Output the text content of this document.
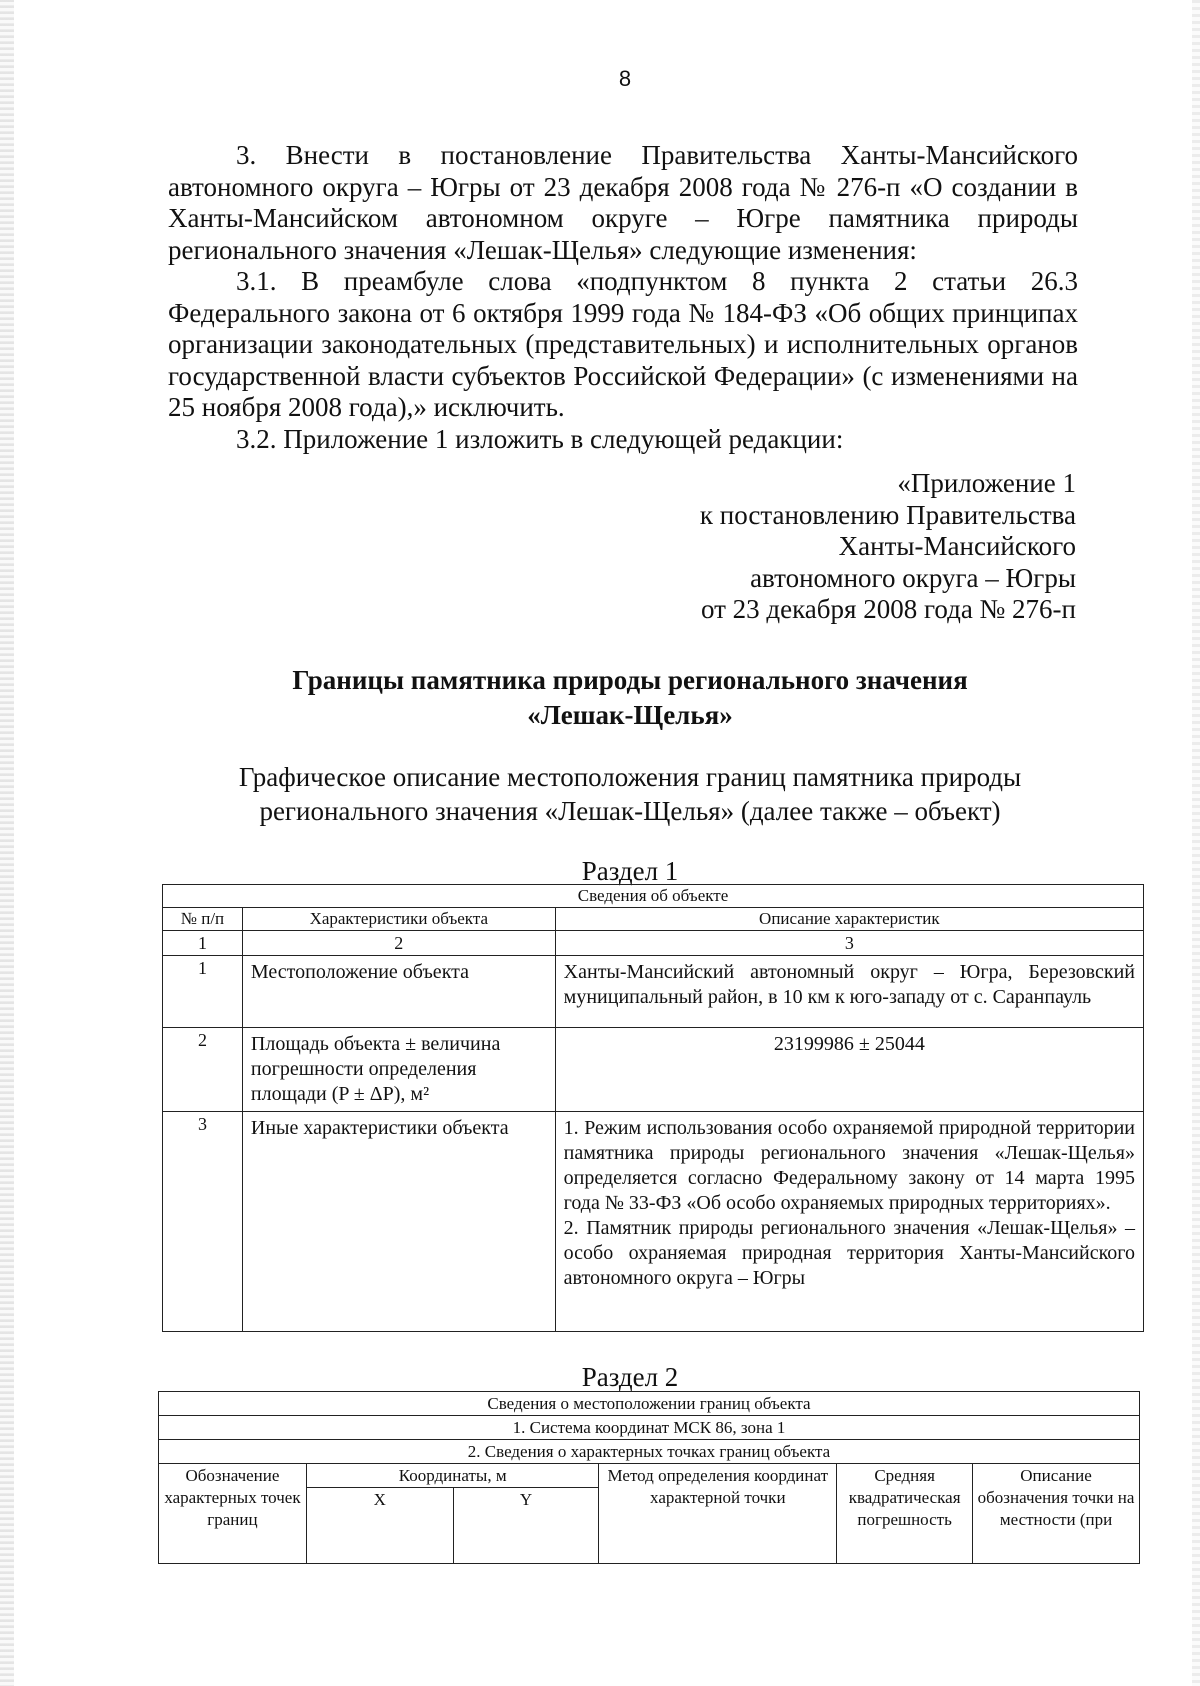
8

3. Внести в постановление Правительства Ханты-Мансийского автономного округа – Югры от 23 декабря 2008 года № 276-п «О создании в Ханты-Мансийском автономном округе – Югре памятника природы регионального значения «Лешак-Щелья» следующие изменения:

3.1. В преамбуле слова «подпунктом 8 пункта 2 статьи 26.3 Федерального закона от 6 октября 1999 года № 184-ФЗ «Об общих принципах организации законодательных (представительных) и исполнительных органов государственной власти субъектов Российской Федерации» (с изменениями на 25 ноября 2008 года),» исключить.

3.2. Приложение 1 изложить в следующей редакции:

«Приложение 1
к постановлению Правительства
Ханты-Мансийского
автономного округа – Югры
от 23 декабря 2008 года № 276-п
Границы памятника природы регионального значения
«Лешак-Щелья»
Графическое описание местоположения границ памятника природы
регионального значения «Лешак-Щелья» (далее также – объект)
Раздел 1
Сведения об объекте		
№ п/п	Характеристики объекта	Описание характеристик
1	2	3
1	Местоположение объекта	Ханты-Мансийский автономный округ – Югра, Березовский муниципальный район, в 10 км к юго-западу от с. Саранпауль
2	Площадь объекта ± величина погрешности определения площади (P ± ΔP), м²	23199986 ± 25044
3	Иные характеристики объекта	1. Режим использования особо охраняемой природной территории памятника природы регионального значения «Лешак-Щелья» определяется согласно Федеральному закону от 14 марта 1995 года № 33-ФЗ «Об особо охраняемых природных территориях».
2. Памятник природы регионального значения «Лешак-Щелья» – особо охраняемая природная территория Ханты-Мансийского автономного округа – Югры
Раздел 2
Сведения о местоположении границ объекта					
1. Система координат МСК 86, зона 1					
2. Сведения о характерных точках границ объекта					
Обозначение характерных точек границ	Координаты, м		Метод определения координат характерной точки	Средняя квадратическая погрешность	Описание обозначения точки на местности (при
	X	Y			
